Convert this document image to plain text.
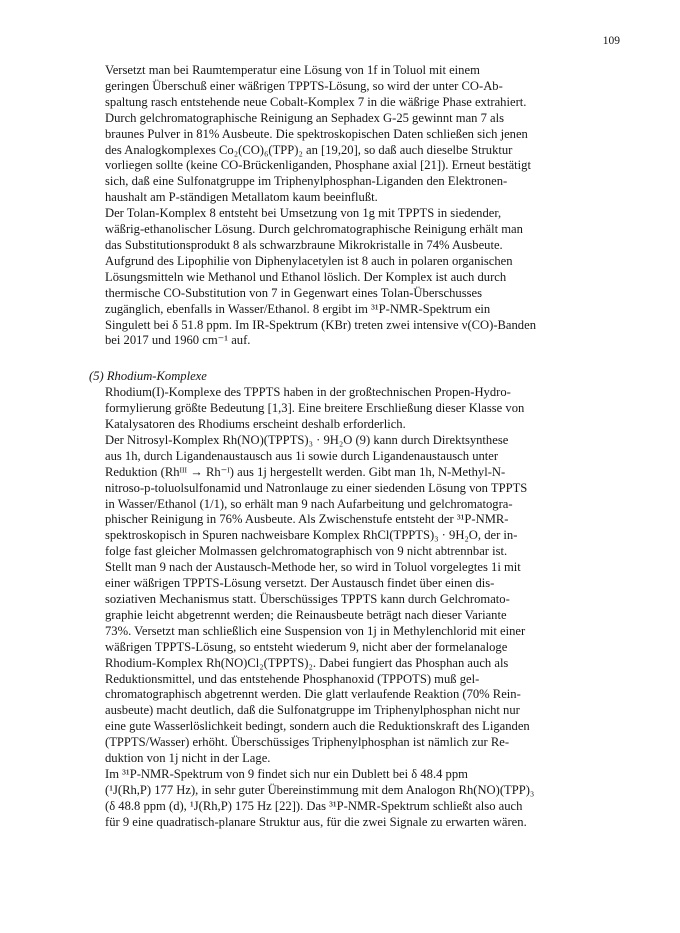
109
Versetzt man bei Raumtemperatur eine Lösung von 1f in Toluol mit einem
geringen Überschuß einer wäßrigen TPPTS-Lösung, so wird der unter CO-Ab-
spaltung rasch entstehende neue Cobalt-Komplex 7 in die wäßrige Phase extrahiert.
Durch gelchromatographische Reinigung an Sephadex G-25 gewinnt man 7 als
braunes Pulver in 81% Ausbeute. Die spektroskopischen Daten schließen sich jenen
des Analogkomplexes Co₂(CO)₆(TPP)₂ an [19,20], so daß auch dieselbe Struktur
vorliegen sollte (keine CO-Brückenliganden, Phosphane axial [21]). Erneut bestätigt
sich, daß eine Sulfonatgruppe im Triphenylphosphan-Liganden den Elektronen-
haushalt am P-ständigen Metallatom kaum beeinflußt.
Der Tolan-Komplex 8 entsteht bei Umsetzung von 1g mit TPPTS in siedender,
wäßrig-ethanolischer Lösung. Durch gelchromatographische Reinigung erhält man
das Substitutionsprodukt 8 als schwarzbraune Mikrokristalle in 74% Ausbeute.
Aufgrund des Lipophilie von Diphenylacetylen ist 8 auch in polaren organischen
Lösungsmitteln wie Methanol und Ethanol löslich. Der Komplex ist auch durch
thermische CO-Substitution von 7 in Gegenwart eines Tolan-Überschusses
zugänglich, ebenfalls in Wasser/Ethanol. 8 ergibt im ³¹P-NMR-Spektrum ein
Singulett bei δ 51.8 ppm. Im IR-Spektrum (KBr) treten zwei intensive ν(CO)-Banden
bei 2017 und 1960 cm⁻¹ auf.
(5) Rhodium-Komplexe
Rhodium(I)-Komplexe des TPPTS haben in der großtechnischen Propen-Hydro-
formylierung größte Bedeutung [1,3]. Eine breitere Erschließung dieser Klasse von
Katalysatoren des Rhodiums erscheint deshalb erforderlich.
Der Nitrosyl-Komplex Rh(NO)(TPPTS)₃ · 9H₂O (9) kann durch Direktsynthese
aus 1h, durch Ligandenaustausch aus 1i sowie durch Ligandenaustausch unter
Reduktion (Rhᴵᴵᴵ → Rh⁻ᴵ) aus 1j hergestellt werden. Gibt man 1h, N-Methyl-N-
nitroso-p-toluolsulfonamid und Natronlauge zu einer siedenden Lösung von TPPTS
in Wasser/Ethanol (1/1), so erhält man 9 nach Aufarbeitung und gelchromatogra-
phischer Reinigung in 76% Ausbeute. Als Zwischenstufe entsteht der ³¹P-NMR-
spektroskopisch in Spuren nachweisbare Komplex RhCl(TPPTS)₃ · 9H₂O, der in-
folge fast gleicher Molmassen gelchromatographisch von 9 nicht abtrennbar ist.
Stellt man 9 nach der Austausch-Methode her, so wird in Toluol vorgelegtes 1i mit
einer wäßrigen TPPTS-Lösung versetzt. Der Austausch findet über einen dis-
soziativen Mechanismus statt. Überschüssiges TPPTS kann durch Gelchromato-
graphie leicht abgetrennt werden; die Reinausbeute beträgt nach dieser Variante
73%. Versetzt man schließlich eine Suspension von 1j in Methylenchlorid mit einer
wäßrigen TPPTS-Lösung, so entsteht wiederum 9, nicht aber der formelanaloge
Rhodium-Komplex Rh(NO)Cl₂(TPPTS)₂. Dabei fungiert das Phosphan auch als
Reduktionsmittel, und das entstehende Phosphanoxid (TPPOTS) muß gel-
chromatographisch abgetrennt werden. Die glatt verlaufende Reaktion (70% Rein-
ausbeute) macht deutlich, daß die Sulfonatgruppe im Triphenylphosphan nicht nur
eine gute Wasserlöslichkeit bedingt, sondern auch die Reduktionskraft des Liganden
(TPPTS/Wasser) erhöht. Überschüssiges Triphenylphosphan ist nämlich zur Re-
duktion von 1j nicht in der Lage.
Im ³¹P-NMR-Spektrum von 9 findet sich nur ein Dublett bei δ 48.4 ppm
(¹J(Rh,P) 177 Hz), in sehr guter Übereinstimmung mit dem Analogon Rh(NO)(TPP)₃
(δ 48.8 ppm (d), ¹J(Rh,P) 175 Hz [22]). Das ³¹P-NMR-Spektrum schließt also auch
für 9 eine quadratisch-planare Struktur aus, für die zwei Signale zu erwarten wären.
